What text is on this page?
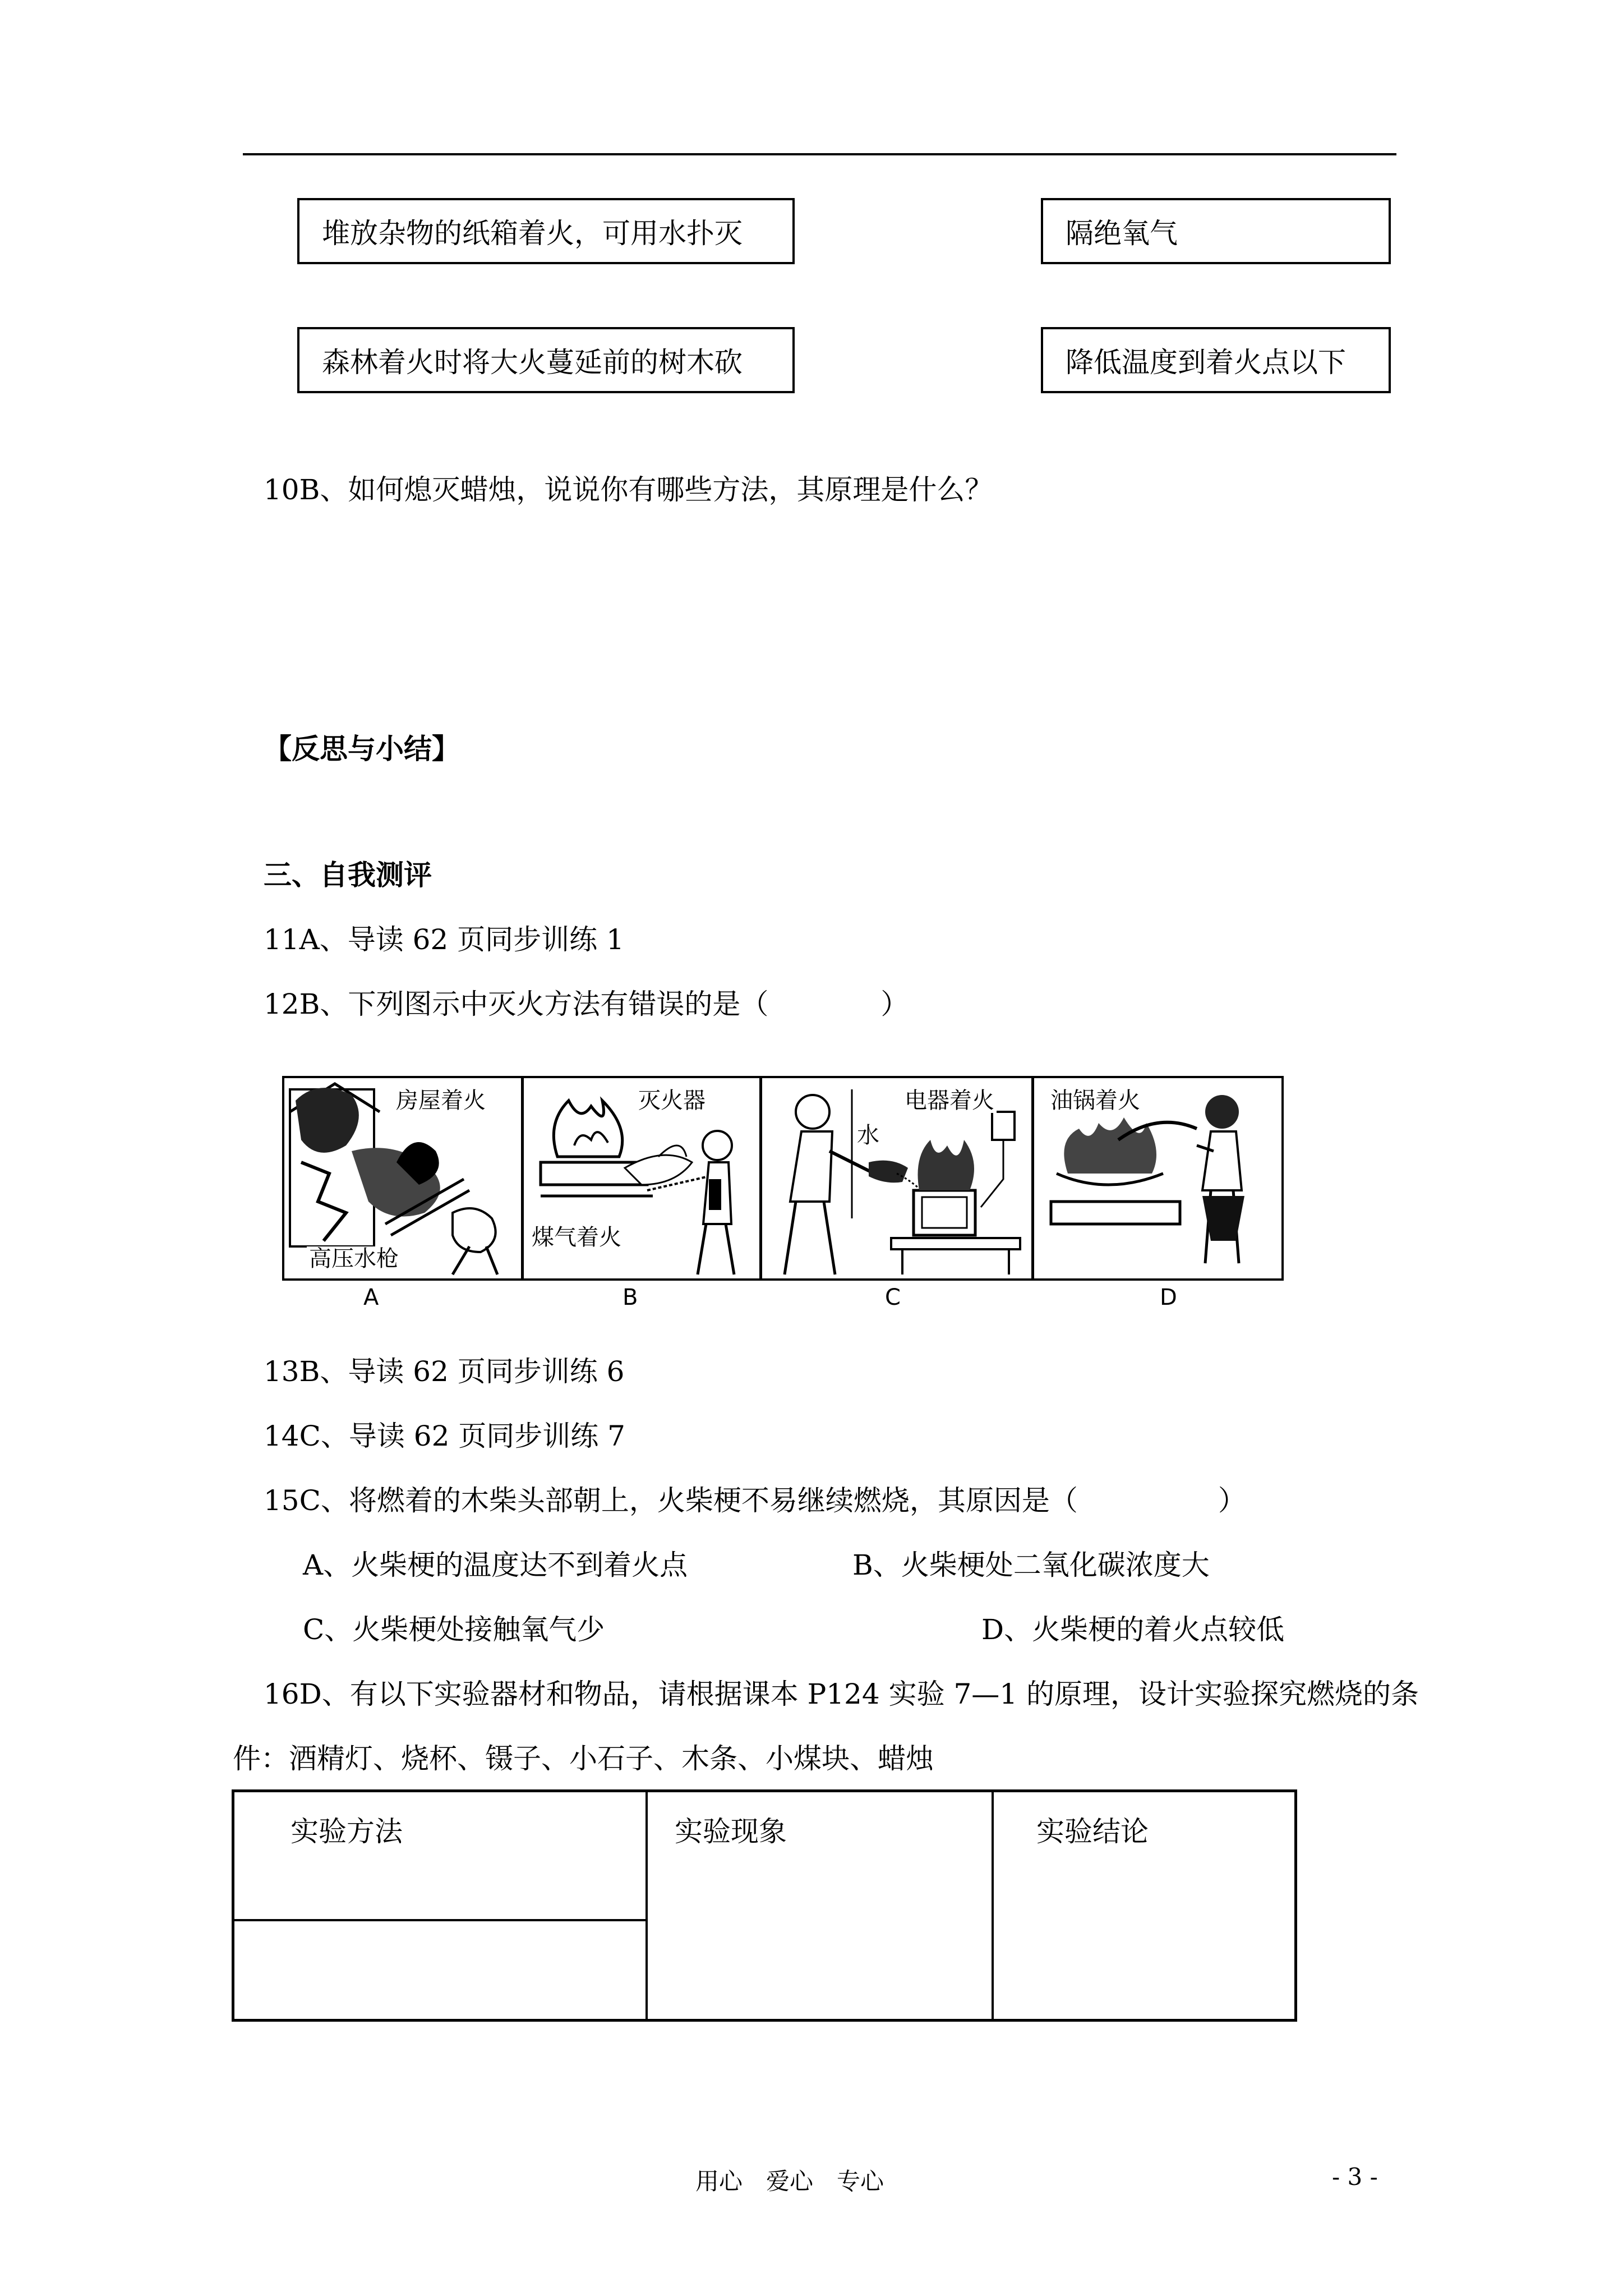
堆放杂物的纸箱着火，可用水扑灭	隔绝氧气
森林着火时将大火蔓延前的树木砍	降低温度到着火点以下
10B、如何熄灭蜡烛，说说你有哪些方法，其原理是什么？
【反思与小结】
三、自我测评
11A、导读 62 页同步训练 1
12B、下列图示中灭火方法有错误的是（　　　　）
房屋着火
高压水枪
灭火器
煤气着火
水
电器着火	油锅着火
A	B	C	D
13B、导读 62 页同步训练 6
14C、导读 62 页同步训练 7
15C、将燃着的木柴头部朝上，火柴梗不易继续燃烧，其原因是（　　　　　）
A、火柴梗的温度达不到着火点	B、火柴梗处二氧化碳浓度大
C、火柴梗处接触氧气少	D、火柴梗的着火点较低
16D、有以下实验器材和物品，请根据课本 P124 实验 7—1 的原理，设计实验探究燃烧的条
件：酒精灯、烧杯、镊子、小石子、木条、小煤块、蜡烛
实验方法	实验现象	实验结论
用心　爱心　专心	- 3 -
